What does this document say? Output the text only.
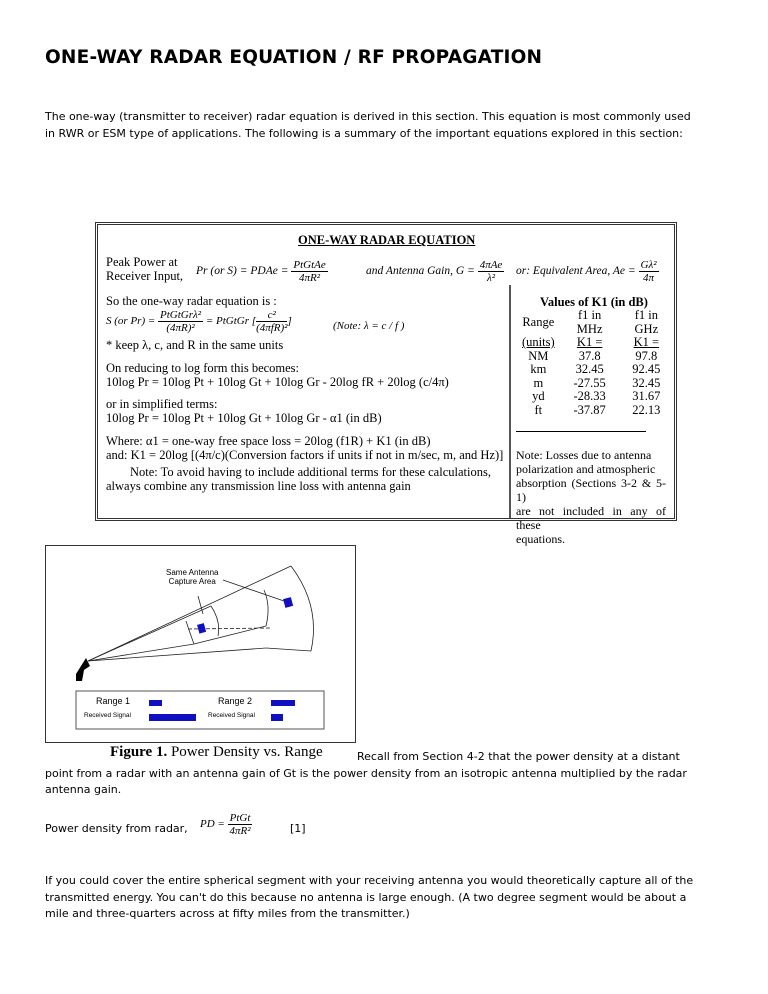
ONE-WAY RADAR EQUATION / RF PROPAGATION
The one-way (transmitter to receiver) radar equation is derived in this section. This equation is most commonly used
in RWR or ESM type of applications. The following is a summary of the important equations explored in this section:
ONE-WAY RADAR EQUATION
Peak Power at
Receiver Input, Pr (or S) = PDAe = $\frac{\text{PtGtAe}}{\text{4πR²}}$	and Antenna Gain, $G = \frac{\text{4πAe}}{\text{λ²}}$ or: Equivalent Area, $Ae = \frac{\text{Gλ²}}{4\pi}$
So the one-way radar equation is :
S (or $Pr) = \frac{\text{PtGtGrλ²}}{\text{(4πR)²}}$ = PtGtGr [ $\frac{\text{c²}}{\text{(4πfR)²}}$ ]	(Note: λ = c / f )
* keep λ, c, and R in the same units
On reducing to log form this becomes:
10log Pr = 10log Pt + 10log Gt + 10log Gr - 20log fR + 20log (c/4π)
or in simplified terms:
10log Pr = 10log Pt + 10log Gt + 10log Gr - α1 (in dB)
Where: α1 = one-way free space loss = 20log (f1R) + K1 (in dB)
and: K1 = 20log [(4π/c)(Conversion factors if units if not in m/sec, m, and Hz)]
Note: To avoid having to include additional terms for these calculations,
always combine any transmission line loss with antenna gain
Values of K1 (in dB)
Range	f1 in MHz	f1 in GHz
(units)	K1 =	K1 =
NM	37.8	97.8
km	32.45	92.45
m	-27.55	32.45
yd	-28.33	31.67
ft	-37.87	22.13
Note: Losses due to antenna
polarization and atmospheric
absorption (Sections 3-2 & 5-1)
are not included in any of these
equations.
Same Antenna
Capture Area
Range 1	Range 2
Received Signal	Received Signal
Figure 1. Power Density vs. Range	Recall from Section 4-2 that the power density at a distant
point from a radar with an antenna gain of Gt is the power density from an isotropic antenna multiplied by the radar
antenna gain.
Power density from radar, PD = $\frac{\text{PtGt}}{\text{4πR²}}$	[1]
If you could cover the entire spherical segment with your receiving antenna you would theoretically capture all of the
transmitted energy. You can't do this because no antenna is large enough. (A two degree segment would be about a
mile and three-quarters across at fifty miles from the transmitter.)
